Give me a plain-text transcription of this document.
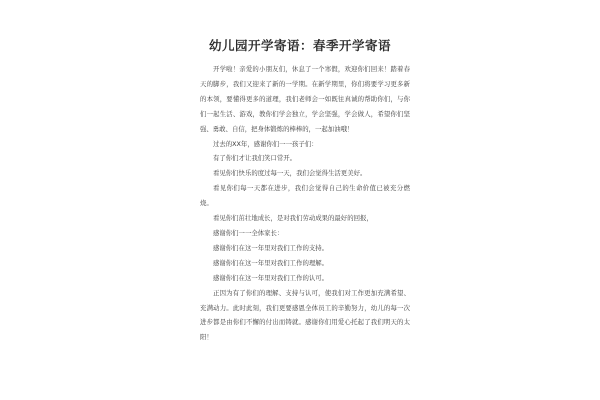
幼儿园开学寄语：春季开学寄语

开学啦！亲爱的小朋友们，休息了一个寒假，欢迎你们回来！踏着春天的脚步，我们又迎来了新的一学期。在新学期里，你们将要学习更多新的本领，要懂得更多的道理，我们老师会一如既往真诚的帮助你们，与你们一起生活、游戏，教你们学会独立，学会坚强，学会做人，希望你们坚强、勇敢、自信，把身体锻炼的棒棒的，一起加油哦！

过去的XX年，感谢你们一一孩子们：

有了你们才让我们笑口常开。

看见你们快乐的度过每一天，我们会觉得生活更美好。

看见你们每一天都在进步，我们会觉得自己的生命价值已被充分燃烧。

看见你们茁壮地成长，是对我们劳动成果的最好的回报，

感谢你们一一全体家长：

感谢你们在这一年里对我们工作的支持。

感谢你们在这一年里对我们工作的理解。

感谢你们在这一年里对我们工作的认可。

正因为有了你们的理解、支持与认可，使我们对工作更加充满希望、充满动力。此时此刻，我们更要感恩全体员工的辛勤努力，幼儿的每一次进步都是由你们不懈的付出而铸就。感谢你们用爱心托起了我们明天的太阳！
